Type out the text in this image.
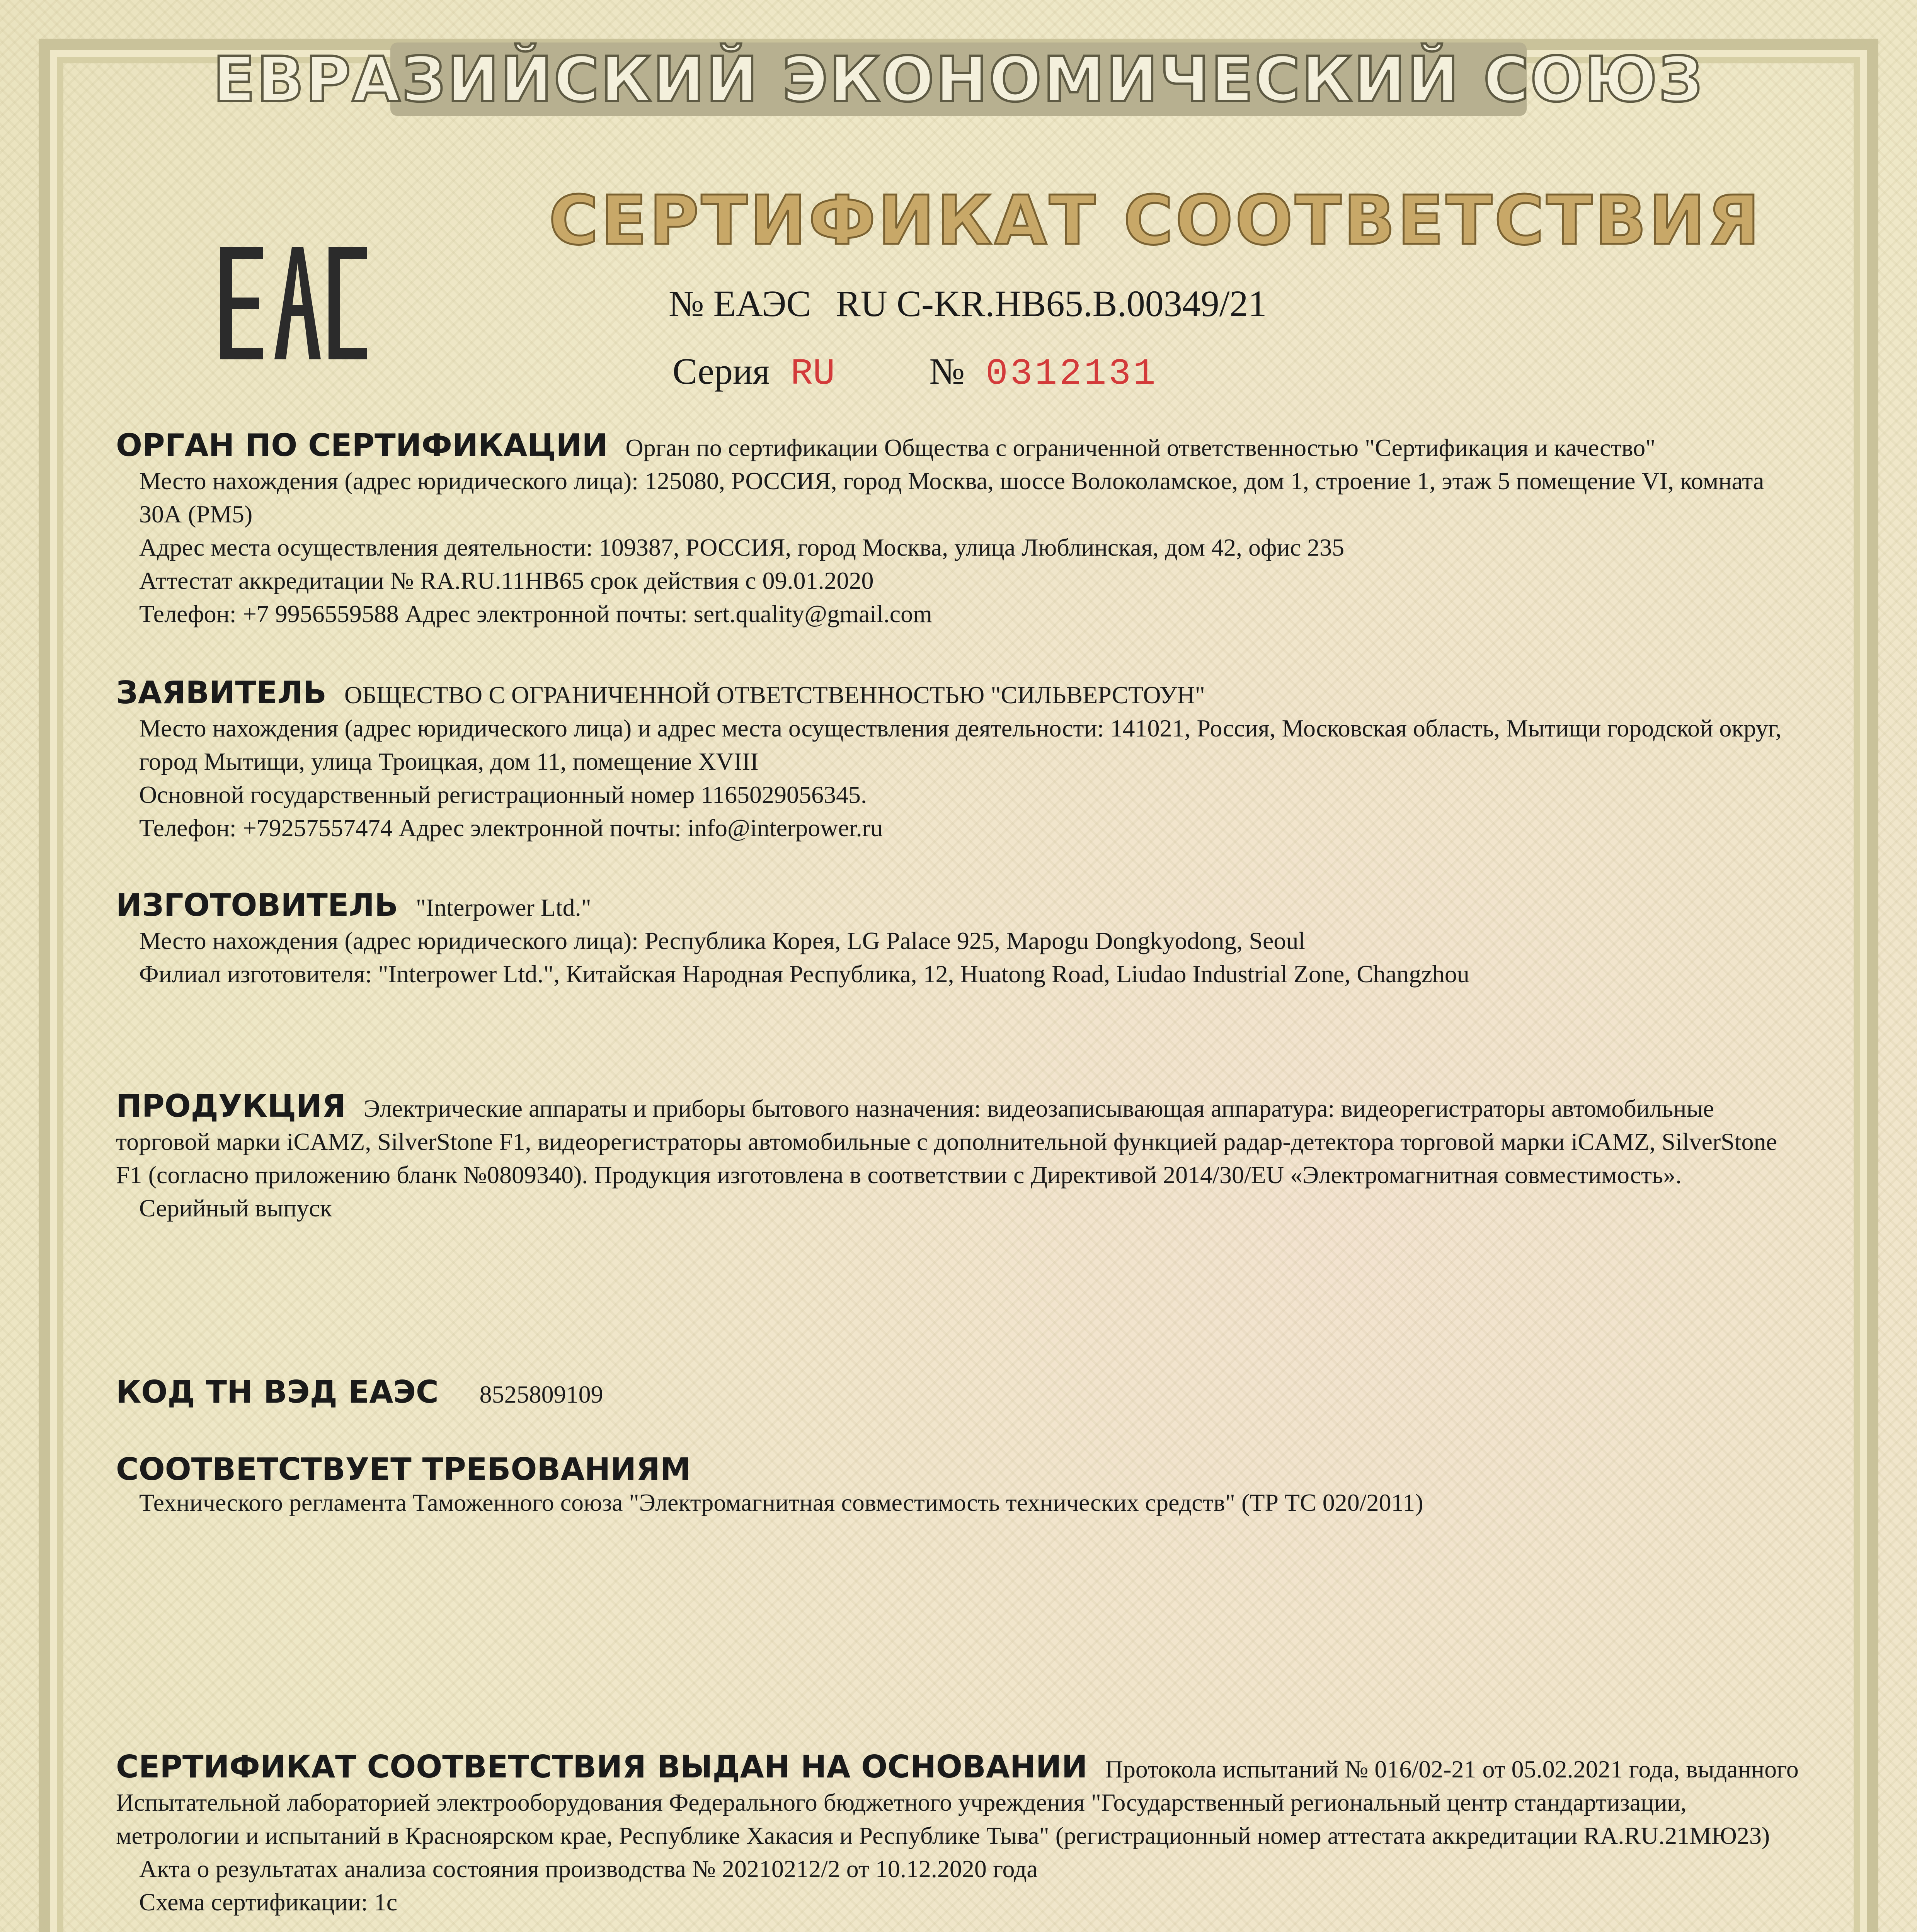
ЕВРАЗИЙСКИЙ ЭКОНОМИЧЕСКИЙ СОЮЗ
СЕРТИФИКАТ СООТВЕТСТВИЯ
№ ЕАЭС RU C-KR.HB65.B.00349/21
Серия RU	№ 0312131
ОРГАН ПО СЕРТИФИКАЦИИ Орган по сертификации Общества с ограниченной ответственностью "Сертификация и качество"
Место нахождения (адрес юридического лица): 125080, РОССИЯ, город Москва, шоссе Волоколамское, дом 1, строение 1, этаж 5 помещение VI, комната 30А (РМ5)
Адрес места осуществления деятельности: 109387, РОССИЯ, город Москва, улица Люблинская, дом 42, офис 235
Аттестат аккредитации № RA.RU.11HB65 срок действия с 09.01.2020
Телефон: +7 9956559588 Адрес электронной почты: sert.quality@gmail.com
ЗАЯВИТЕЛЬ ОБЩЕСТВО С ОГРАНИЧЕННОЙ ОТВЕТСТВЕННОСТЬЮ "СИЛЬВЕРСТОУН"
Место нахождения (адрес юридического лица) и адрес места осуществления деятельности: 141021, Россия, Московская область, Мытищи городской округ, город Мытищи, улица Троицкая, дом 11, помещение XVIII
Основной государственный регистрационный номер 1165029056345.
Телефон: +79257557474 Адрес электронной почты: info@interpower.ru
ИЗГОТОВИТЕЛЬ "Interpower Ltd."
Место нахождения (адрес юридического лица): Республика Корея, LG Palace 925, Mapogu Dongkyodong, Seoul
Филиал изготовителя: "Interpower Ltd.", Китайская Народная Республика, 12, Huatong Road, Liudao Industrial Zone, Changzhou
ПРОДУКЦИЯ Электрические аппараты и приборы бытового назначения: видеозаписывающая аппаратура: видеорегистраторы автомобильные торговой марки iCAMZ, SilverStone F1, видеорегистраторы автомобильные с дополнительной функцией радар-детектора торговой марки iCAMZ, SilverStone F1 (согласно приложению бланк №0809340). Продукция изготовлена в соответствии с Директивой 2014/30/EU «Электромагнитная совместимость».
Серийный выпуск
КОД ТН ВЭД ЕАЭС 8525809109
СООТВЕТСТВУЕТ ТРЕБОВАНИЯМ
Технического регламента Таможенного союза "Электромагнитная совместимость технических средств" (ТР ТС 020/2011)
СЕРТИФИКАТ СООТВЕТСТВИЯ ВЫДАН НА ОСНОВАНИИ Протокола испытаний № 016/02-21 от 05.02.2021 года, выданного Испытательной лабораторией электрооборудования Федерального бюджетного учреждения "Государственный региональный центр стандартизации, метрологии и испытаний в Красноярском крае, Республике Хакасия и Республике Тыва" (регистрационный номер аттестата аккредитации RA.RU.21МЮ23)
Акта о результатах анализа состояния производства № 20210212/2 от 10.12.2020 года
Схема сертификации: 1с
